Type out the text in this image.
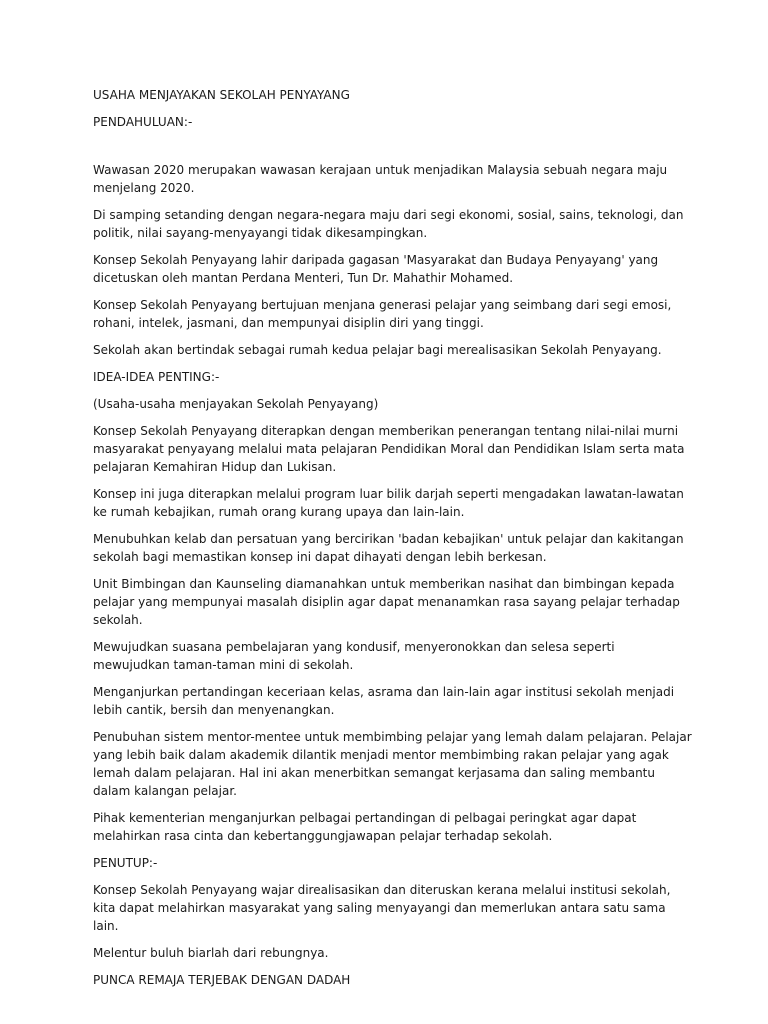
USAHA MENJAYAKAN SEKOLAH PENYAYANG

PENDAHULUAN:-

Wawasan 2020 merupakan wawasan kerajaan untuk menjadikan Malaysia sebuah negara maju menjelang 2020.

Di samping setanding dengan negara-negara maju dari segi ekonomi, sosial, sains, teknologi, dan politik, nilai sayang-menyayangi tidak dikesampingkan.

Konsep Sekolah Penyayang lahir daripada gagasan 'Masyarakat dan Budaya Penyayang' yang dicetuskan oleh mantan Perdana Menteri, Tun Dr. Mahathir Mohamed.

Konsep Sekolah Penyayang bertujuan menjana generasi pelajar yang seimbang dari segi emosi, rohani, intelek, jasmani, dan mempunyai disiplin diri yang tinggi.

Sekolah akan bertindak sebagai rumah kedua pelajar bagi merealisasikan Sekolah Penyayang.

IDEA-IDEA PENTING:-

(Usaha-usaha menjayakan Sekolah Penyayang)

Konsep Sekolah Penyayang diterapkan dengan memberikan penerangan tentang nilai-nilai murni masyarakat penyayang melalui mata pelajaran Pendidikan Moral dan Pendidikan Islam serta mata pelajaran Kemahiran Hidup dan Lukisan.

Konsep ini juga diterapkan melalui program luar bilik darjah seperti mengadakan lawatan-lawatan ke rumah kebajikan, rumah orang kurang upaya dan lain-lain.

Menubuhkan kelab dan persatuan yang bercirikan 'badan kebajikan' untuk pelajar dan kakitangan sekolah bagi memastikan konsep ini dapat dihayati dengan lebih berkesan.

Unit Bimbingan dan Kaunseling diamanahkan untuk memberikan nasihat dan bimbingan kepada pelajar yang mempunyai masalah disiplin agar dapat menanamkan rasa sayang pelajar terhadap sekolah.

Mewujudkan suasana pembelajaran yang kondusif, menyeronokkan dan selesa seperti mewujudkan taman-taman mini di sekolah.

Menganjurkan pertandingan keceriaan kelas, asrama dan lain-lain agar institusi sekolah menjadi lebih cantik, bersih dan menyenangkan.

Penubuhan sistem mentor-mentee untuk membimbing pelajar yang lemah dalam pelajaran. Pelajar yang lebih baik dalam akademik dilantik menjadi mentor membimbing rakan pelajar yang agak lemah dalam pelajaran. Hal ini akan menerbitkan semangat kerjasama dan saling membantu dalam kalangan pelajar.

Pihak kementerian menganjurkan pelbagai pertandingan di pelbagai peringkat agar dapat melahirkan rasa cinta dan kebertanggungjawapan pelajar terhadap sekolah.

PENUTUP:-

Konsep Sekolah Penyayang wajar direalisasikan dan diteruskan kerana melalui institusi sekolah, kita dapat melahirkan masyarakat yang saling menyayangi dan memerlukan antara satu sama lain.

Melentur buluh biarlah dari rebungnya.

PUNCA REMAJA TERJEBAK DENGAN DADAH
